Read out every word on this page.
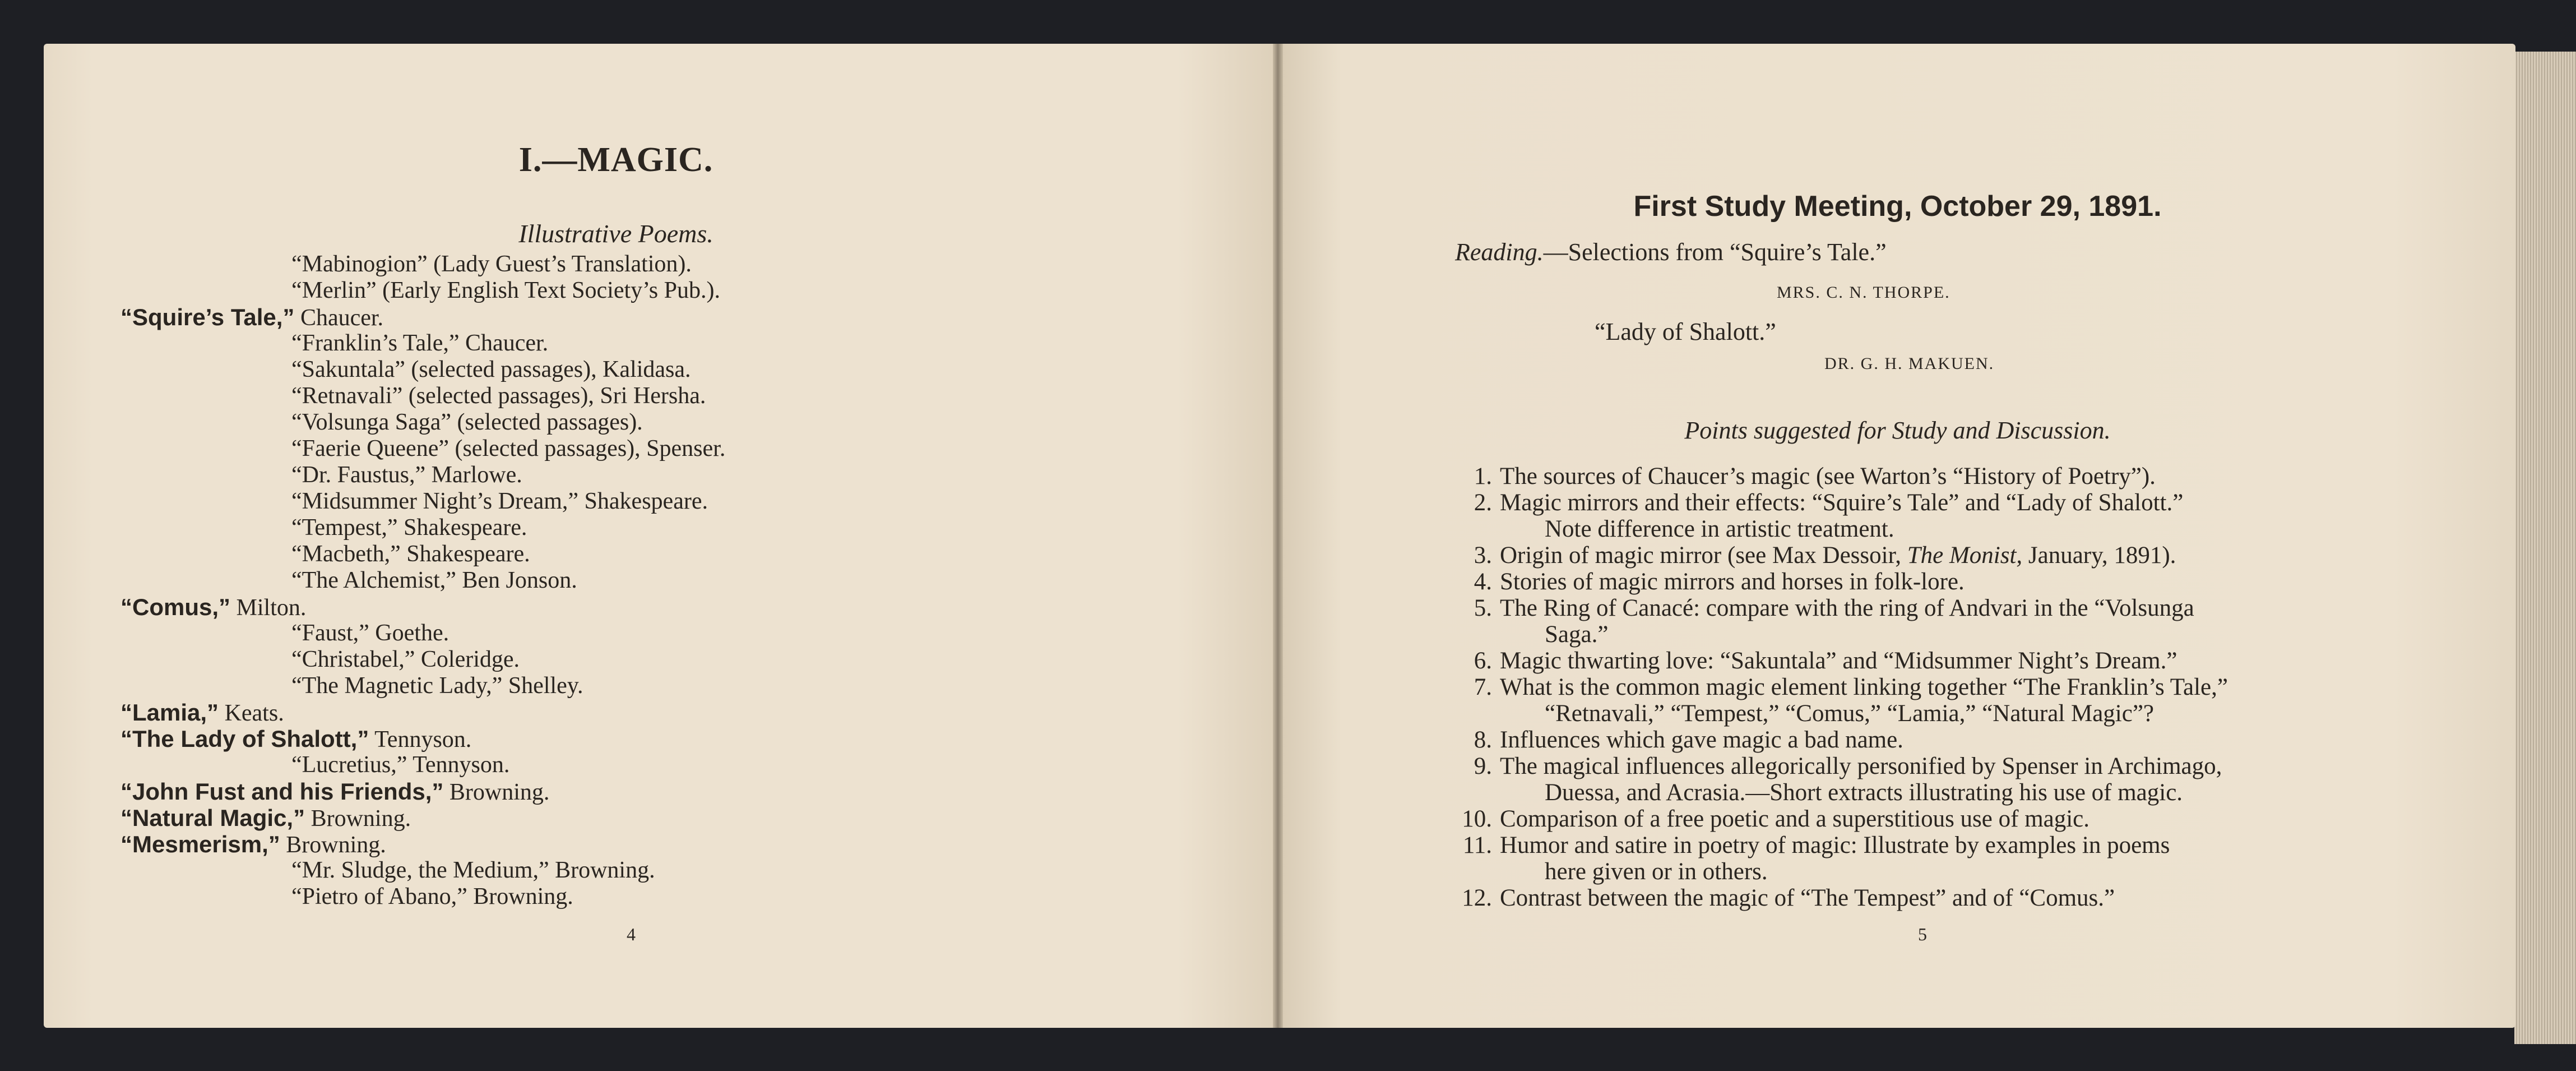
I.—MAGIC.

Illustrative Poems.

“Mabinogion” (Lady Guest’s Translation).
“Merlin” (Early English Text Society’s Pub.).
“Squire’s Tale,” Chaucer.
“Franklin’s Tale,” Chaucer.
“Sakuntala” (selected passages), Kalidasa.
“Retnavali” (selected passages), Sri Hersha.
“Volsunga Saga” (selected passages).
“Faerie Queene” (selected passages), Spenser.
“Dr. Faustus,” Marlowe.
“Midsummer Night’s Dream,” Shakespeare.
“Tempest,” Shakespeare.
“Macbeth,” Shakespeare.
“The Alchemist,” Ben Jonson.
“Comus,” Milton.
“Faust,” Goethe.
“Christabel,” Coleridge.
“The Magnetic Lady,” Shelley.
“Lamia,” Keats.
“The Lady of Shalott,” Tennyson.
“Lucretius,” Tennyson.
“John Fust and his Friends,” Browning.
“Natural Magic,” Browning.
“Mesmerism,” Browning.
“Mr. Sludge, the Medium,” Browning.
“Pietro of Abano,” Browning.

4

First Study Meeting, October 29, 1891.

Reading.—Selections from “Squire’s Tale.”

MRS. C. N. THORPE.

“Lady of Shalott.”

DR. G. H. MAKUEN.

Points suggested for Study and Discussion.

1. The sources of Chaucer’s magic (see Warton’s “History of Poetry”).
2. Magic mirrors and their effects: “Squire’s Tale” and “Lady of Shalott.”
Note difference in artistic treatment.
3. Origin of magic mirror (see Max Dessoir, The Monist, January, 1891).
4. Stories of magic mirrors and horses in folk-lore.
5. The Ring of Canacé: compare with the ring of Andvari in the “Volsunga
Saga.”
6. Magic thwarting love: “Sakuntala” and “Midsummer Night’s Dream.”
7. What is the common magic element linking together “The Franklin’s Tale,”
“Retnavali,” “Tempest,” “Comus,” “Lamia,” “Natural Magic”?
8. Influences which gave magic a bad name.
9. The magical influences allegorically personified by Spenser in Archimago,
Duessa, and Acrasia.—Short extracts illustrating his use of magic.
10. Comparison of a free poetic and a superstitious use of magic.
11. Humor and satire in poetry of magic: Illustrate by examples in poems
here given or in others.
12. Contrast between the magic of “The Tempest” and of “Comus.”

5
